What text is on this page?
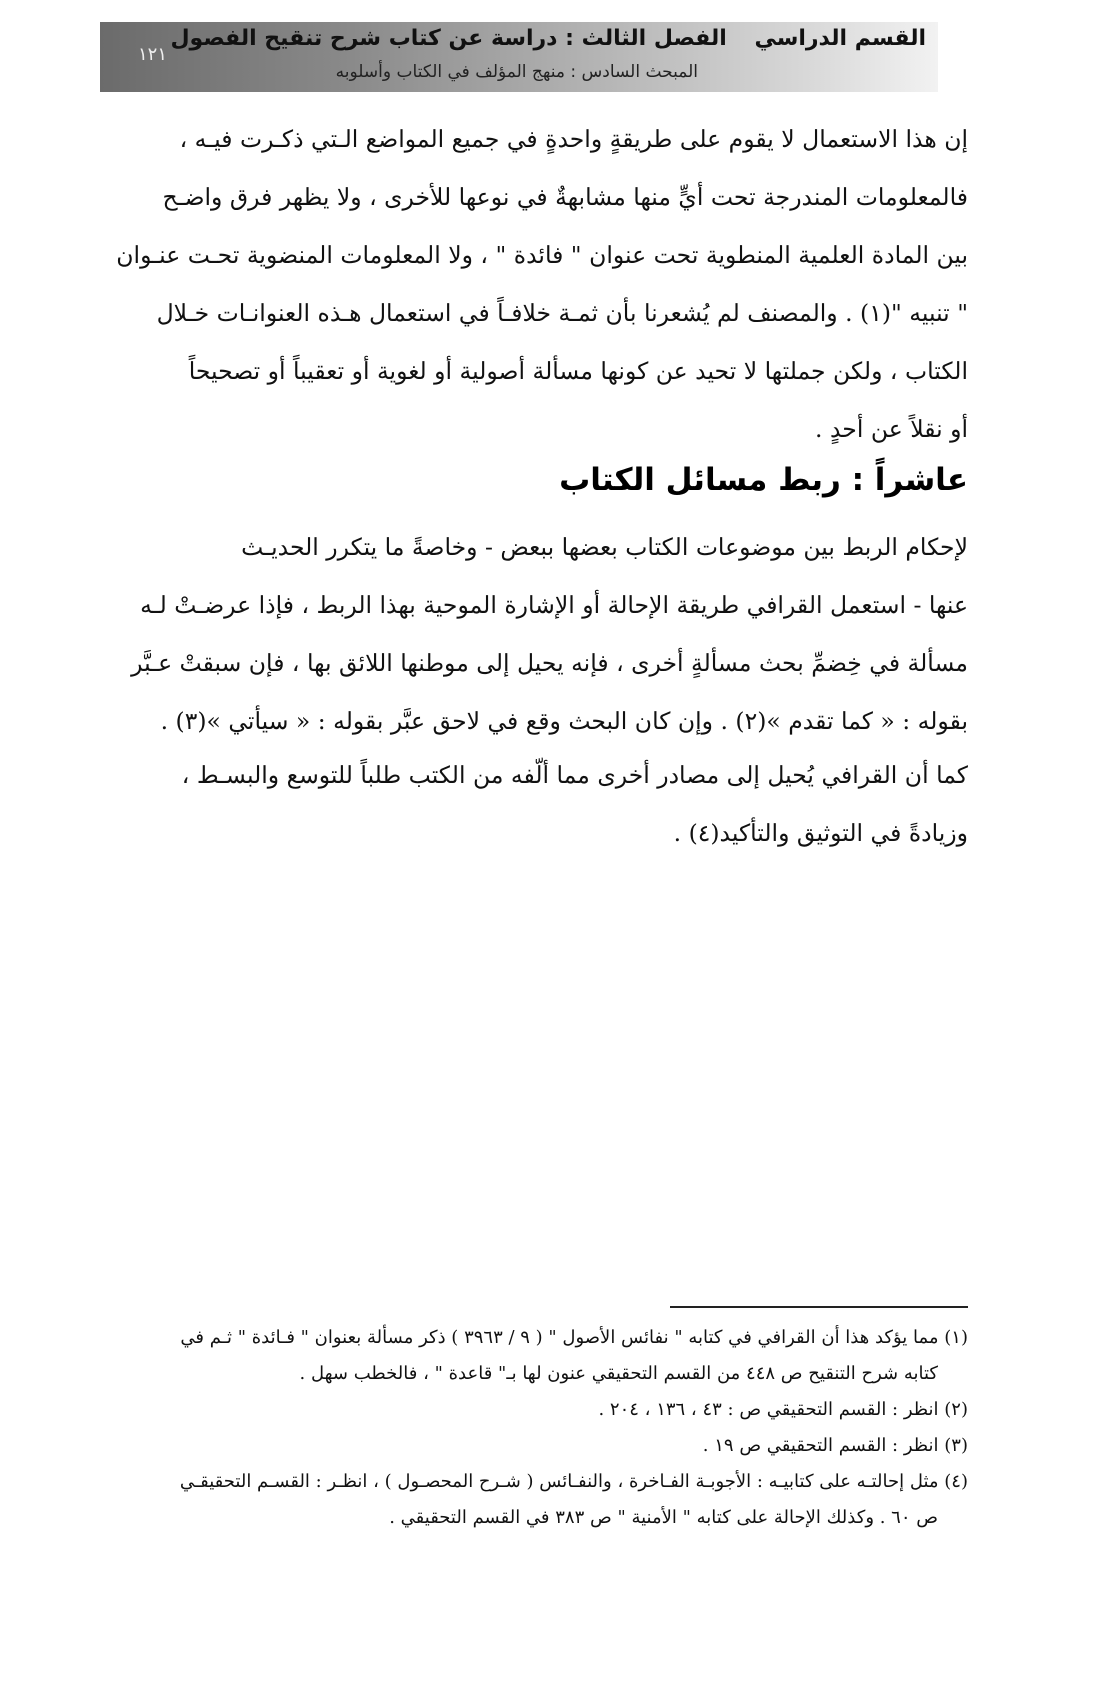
القسم الدراسي الفصل الثالث : دراسة عن كتاب شرح تنقيح الفصول
المبحث السادس : منهج المؤلف في الكتاب وأسلوبه
١٢١

إن هذا الاستعمال لا يقوم على طريقةٍ واحدةٍ في جميع المواضع الـتي ذكـرت فيـه ،

فالمعلومات المندرجة تحت أيٍّ منها مشابهةٌ في نوعها للأخرى ، ولا يظهر فرق واضـح

بين المادة العلمية المنطوية تحت عنوان " فائدة " ، ولا المعلومات المنضوية تحـت عنـوان

" تنبيه "(١) . والمصنف لم يُشعرنا بأن ثمـة خلافـاً في استعمال هـذه العنوانـات خـلال

الكتاب ، ولكن جملتها لا تحيد عن كونها مسألة أصولية أو لغوية أو تعقيباً أو تصحيحاً

أو نقلاً عن أحدٍ .

عاشراً : ربط مسائل الكتاب

لإحكام الربط بين موضوعات الكتاب بعضها ببعض - وخاصةً ما يتكرر الحديـث

عنها - استعمل القرافي طريقة الإحالة أو الإشارة الموحية بهذا الربط ، فإذا عرضـتْ لـه

مسألة في خِضمِّ بحث مسألةٍ أخرى ، فإنه يحيل إلى موطنها اللائق بها ، فإن سبقتْ عـبَّر

بقوله : « كما تقدم »(٢) . وإن كان البحث وقع في لاحق عبَّر بقوله : « سيأتي »(٣) .

كما أن القرافي يُحيل إلى مصادر أخرى مما ألّفه من الكتب طلباً للتوسع والبسـط ،

وزيادةً في التوثيق والتأكيد(٤) .

(١) مما يؤكد هذا أن القرافي في كتابه " نفائس الأصول " ( ٩ / ٣٩٦٣ ) ذكر مسألة بعنوان " فـائدة " ثـم في

كتابه شرح التنقيح ص ٤٤٨ من القسم التحقيقي عنون لها بـ" قاعدة " ، فالخطب سهل .

(٢) انظر : القسم التحقيقي ص : ٤٣ ، ١٣٦ ، ٢٠٤ .

(٣) انظر : القسم التحقيقي ص ١٩ .

(٤) مثل إحالتـه على كتابيـه : الأجوبـة الفـاخرة ، والنفـائس ( شـرح المحصـول ) ، انظـر : القسـم التحقيقـي

ص ٦٠ . وكذلك الإحالة على كتابه " الأمنية " ص ٣٨٣ في القسم التحقيقي .
